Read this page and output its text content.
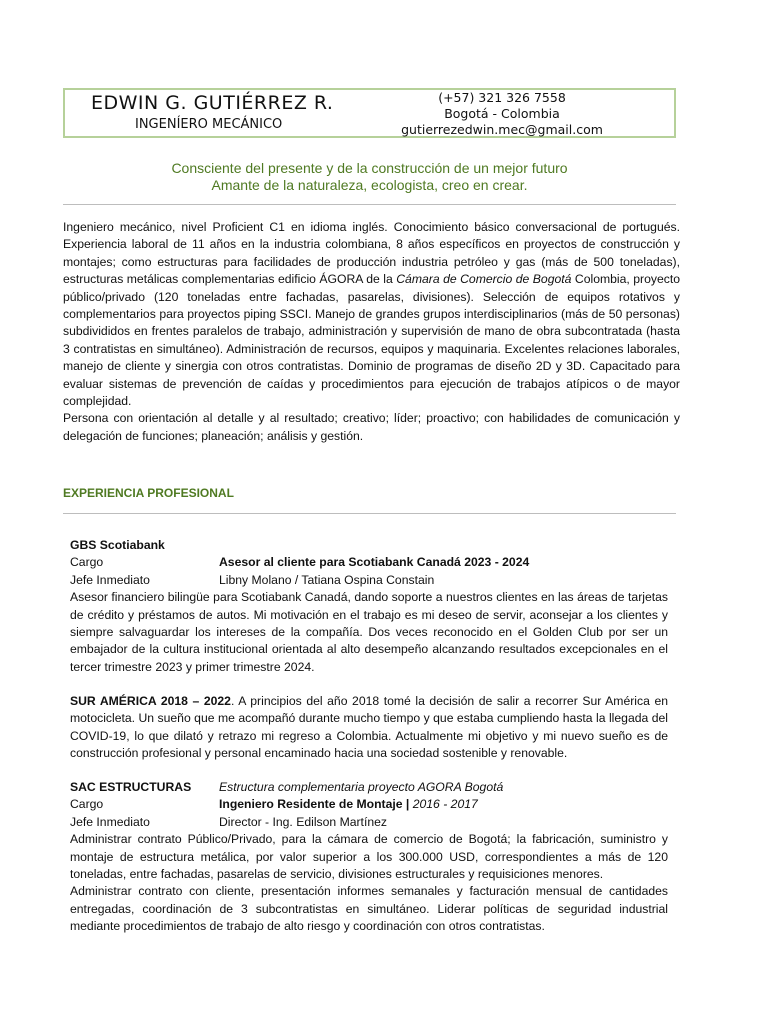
EDWIN G. GUTIÉRREZ R.
INGENÍERO MECÁNICO
(+57) 321 326 7558
Bogotá - Colombia
gutierrezedwin.mec@gmail.com
Consciente del presente y de la construcción de un mejor futuro
Amante de la naturaleza, ecologista, creo en crear.

Ingeniero mecánico, nivel Proficient C1 en idioma inglés. Conocimiento básico conversacional de portugués. Experiencia laboral de 11 años en la industria colombiana, 8 años específicos en proyectos de construcción y montajes; como estructuras para facilidades de producción industria petróleo y gas (más de 500 toneladas), estructuras metálicas complementarias edificio ÁGORA de la Cámara de Comercio de Bogotá Colombia, proyecto público/privado (120 toneladas entre fachadas, pasarelas, divisiones). Selección de equipos rotativos y complementarios para proyectos piping SSCI. Manejo de grandes grupos interdisciplinarios (más de 50 personas) subdivididos en frentes paralelos de trabajo, administración y supervisión de mano de obra subcontratada (hasta 3 contratistas en simultáneo). Administración de recursos, equipos y maquinaria. Excelentes relaciones laborales, manejo de cliente y sinergia con otros contratistas. Dominio de programas de diseño 2D y 3D. Capacitado para evaluar sistemas de prevención de caídas y procedimientos para ejecución de trabajos atípicos o de mayor complejidad.

Persona con orientación al detalle y al resultado; creativo; líder; proactivo; con habilidades de comunicación y delegación de funciones; planeación; análisis y gestión.

EXPERIENCIA PROFESIONAL
GBS Scotiabank
Cargo	Asesor al cliente para Scotiabank Canadá 2023 - 2024
Jefe Inmediato	Libny Molano / Tatiana Ospina Constain

Asesor financiero bilingüe para Scotiabank Canadá, dando soporte a nuestros clientes en las áreas de tarjetas de crédito y préstamos de autos. Mi motivación en el trabajo es mi deseo de servir, aconsejar a los clientes y siempre salvaguardar los intereses de la compañía. Dos veces reconocido en el Golden Club por ser un embajador de la cultura institucional orientada al alto desempeño alcanzando resultados excepcionales en el tercer trimestre 2023 y primer trimestre 2024.

SUR AMÉRICA 2018 – 2022. A principios del año 2018 tomé la decisión de salir a recorrer Sur América en motocicleta. Un sueño que me acompañó durante mucho tiempo y que estaba cumpliendo hasta la llegada del COVID-19, lo que dilató y retrazo mi regreso a Colombia. Actualmente mi objetivo y mi nuevo sueño es de construcción profesional y personal encaminado hacia una sociedad sostenible y renovable.

SAC ESTRUCTURAS	Estructura complementaria proyecto AGORA Bogotá
Cargo	Ingeniero Residente de Montaje | 2016 - 2017
Jefe Inmediato	Director - Ing. Edilson Martínez

Administrar contrato Público/Privado, para la cámara de comercio de Bogotá; la fabricación, suministro y montaje de estructura metálica, por valor superior a los 300.000 USD, correspondientes a más de 120 toneladas, entre fachadas, pasarelas de servicio, divisiones estructurales y requisiciones menores.

Administrar contrato con cliente, presentación informes semanales y facturación mensual de cantidades entregadas, coordinación de 3 subcontratistas en simultáneo. Liderar políticas de seguridad industrial mediante procedimientos de trabajo de alto riesgo y coordinación con otros contratistas.
